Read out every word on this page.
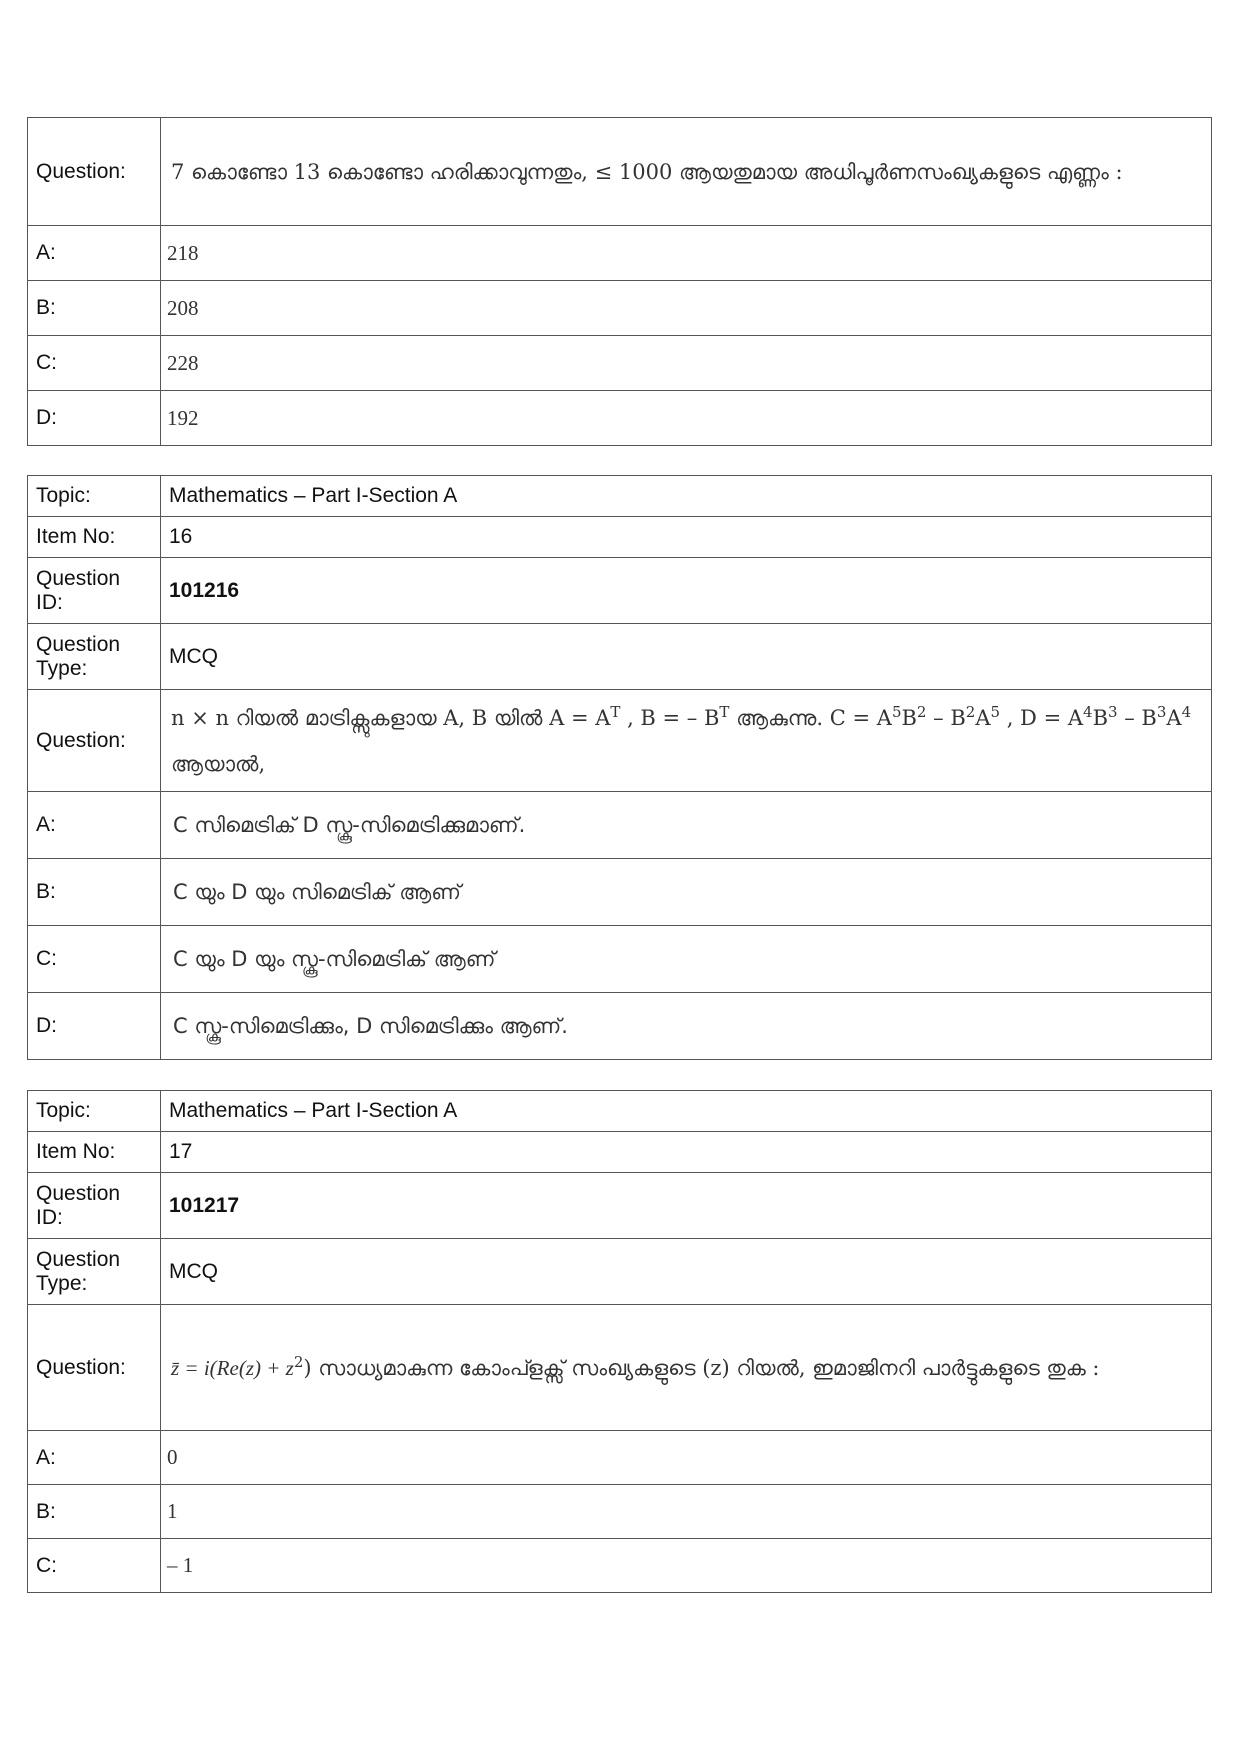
Question:	7 കൊണ്ടോ 13 കൊണ്ടോ ഹരിക്കാവുന്നതും, ≤ 1000 ആയതുമായ അധിപൂർണസംഖ്യകളുടെ എണ്ണം :
A:	218
B:	208
C:	228
D:	192
Topic:	Mathematics – Part I-Section A
Item No:	16
Question ID:	101216
Question Type:	MCQ
Question:	n × n റിയൽ മാട്രിക്സുകളായ A, B യിൽ $A = A^T$ , B = – $B^T$ ആകുന്നു. $C = A^5B^2 - B^2A^5$ , $D = A^4B^3 - B^3A^4$ ആയാൽ,
A:	C സിമെട്രിക് D സ്കൂ-സിമെട്രിക്കുമാണ്.
B:	C യും D യും സിമെട്രിക് ആണ്
C:	C യും D യും സ്കൂ-സിമെട്രിക് ആണ്
D:	C സ്കൂ-സിമെട്രിക്കും, D സിമെട്രിക്കും ആണ്.
Topic:	Mathematics – Part I-Section A
Item No:	17
Question ID:	101217
Question Type:	MCQ
Question:	z̄ = $i(Re(z) + z^2)$ സാധ്യമാകുന്ന കോംപ്ളക്സ് സംഖ്യകളുടെ (z) റിയൽ, ഇമാജിനറി പാർട്ടുകളുടെ തുക :
A:	0
B:	1
C:	– 1
